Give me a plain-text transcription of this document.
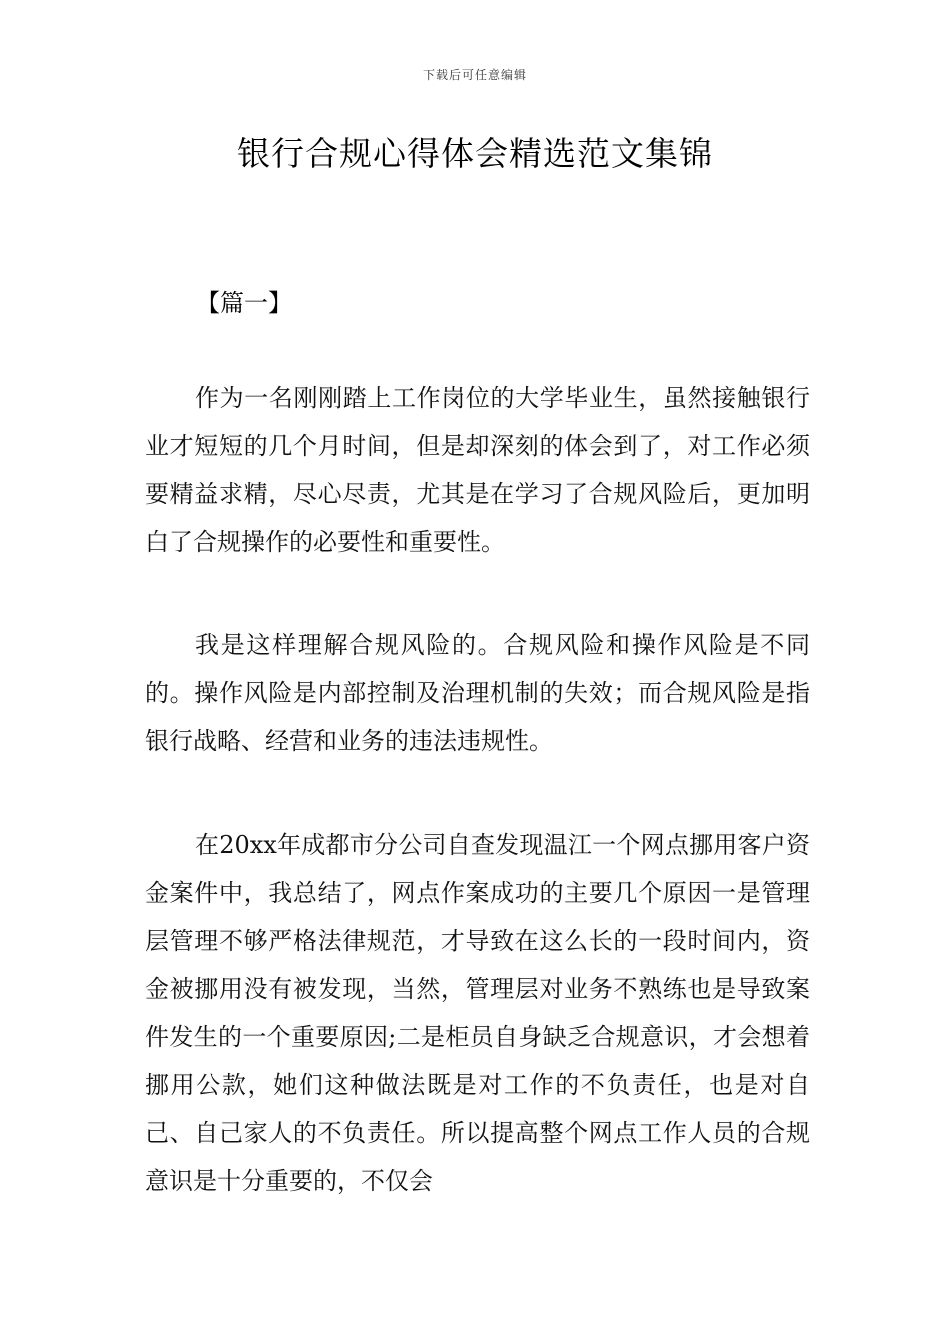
下载后可任意编辑
银行合规心得体会精选范文集锦
【篇一】

作为一名刚刚踏上工作岗位的大学毕业生，虽然接触银行业才短短的几个月时间，但是却深刻的体会到了，对工作必须要精益求精，尽心尽责，尤其是在学习了合规风险后，更加明白了合规操作的必要性和重要性。

我是这样理解合规风险的。合规风险和操作风险是不同的。操作风险是内部控制及治理机制的失效；而合规风险是指银行战略、经营和业务的违法违规性。

在20xx年成都市分公司自查发现温江一个网点挪用客户资金案件中，我总结了，网点作案成功的主要几个原因一是管理层管理不够严格法律规范，才导致在这么长的一段时间内，资金被挪用没有被发现，当然，管理层对业务不熟练也是导致案件发生的一个重要原因;二是柜员自身缺乏合规意识，才会想着挪用公款，她们这种做法既是对工作的不负责任，也是对自己、自己家人的不负责任。所以提高整个网点工作人员的合规意识是十分重要的，不仅会
